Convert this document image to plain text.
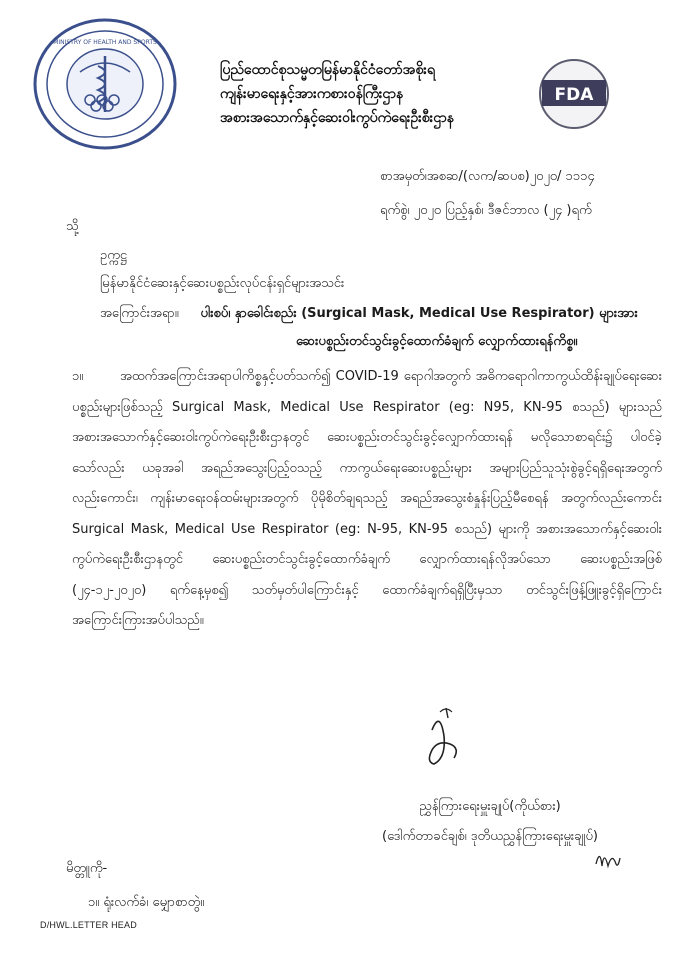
MINISTRY OF HEALTH AND SPORTS
FDA
ပြည်ထောင်စုသမ္မတမြန်မာနိုင်ငံတော်အစိုးရ
ကျန်းမာရေးနှင့်အားကစားဝန်ကြီးဌာန
အစားအသောက်နှင့်ဆေးဝါးကွပ်ကဲရေးဦးစီးဌာန
စာအမှတ်၊အစဆ/(လက/ဆပစ)၂၀၂၀/ ၁၁၁၄
ရက်စွဲ၊ ၂၀၂၀ ပြည့်နှစ်၊ ဒီဇင်ဘာလ (၂၄ )ရက်
သို့
ဥက္ကဋ္ဌ
မြန်မာနိုင်ငံဆေးနှင့်ဆေးပစ္စည်းလုပ်ငန်းရှင်များအသင်း
အကြောင်းအရာ။ ပါးစပ်၊ နှာခေါင်းစည်း (Surgical Mask, Medical Use Respirator) များအား
ဆေးပစ္စည်းတင်သွင်းခွင့်ထောက်ခံချက် လျှောက်ထားရန်ကိစ္စ။

၁။	အထက်အကြောင်းအရာပါကိစ္စနှင့်ပတ်သက်၍ COVID-19 ရောဂါအတွက် အဓိကရောဂါကာကွယ်ထိန်းချုပ်ရေးဆေးပစ္စည်းများဖြစ်သည့် Surgical Mask, Medical Use Respirator (eg: N95, KN-95 စသည်) များသည် အစားအသောက်နှင့်ဆေးဝါးကွပ်ကဲရေးဦးစီးဌာနတွင် ဆေးပစ္စည်းတင်သွင်းခွင့်လျှောက်ထားရန် မလိုသောစာရင်း၌ ပါဝင်ခဲ့သော်လည်း ယခုအခါ အရည်အသွေးပြည့်ဝသည့် ကာကွယ်ရေးဆေးပစ္စည်းများ အများပြည်သူသုံးစွဲခွင့်ရရှိရေးအတွက်လည်းကောင်း၊ ကျန်းမာရေးဝန်ထမ်းများအတွက် ပိုမိုစိတ်ချရသည့် အရည်အသွေးစံနှုန်းပြည့်မီစေရန် အတွက်လည်းကောင်း Surgical Mask, Medical Use Respirator (eg: N-95, KN-95 စသည်) များကို အစားအသောက်နှင့်ဆေးဝါးကွပ်ကဲရေးဦးစီးဌာနတွင် ဆေးပစ္စည်းတင်သွင်းခွင့်ထောက်ခံချက် လျှောက်ထားရန်လိုအပ်သော ဆေးပစ္စည်းအဖြစ် (၂၄-၁၂-၂၀၂၀) ရက်နေ့မှစ၍ သတ်မှတ်ပါကြောင်းနှင့် ထောက်ခံချက်ရရှိပြီးမှသာ တင်သွင်းဖြန့်ဖြူးခွင့်ရှိကြောင်း အကြောင်းကြားအပ်ပါသည်။

ညွှန်ကြားရေးမှူးချုပ်(ကိုယ်စား)
(ဒေါက်တာခင်ချစ်၊ ဒုတိယညွှန်ကြားရေးမှူးချုပ်)
မိတ္တူကို-
၁။ ရုံးလက်ခံ၊ မျှောစာတွဲ။
D/HWL.LETTER HEAD
